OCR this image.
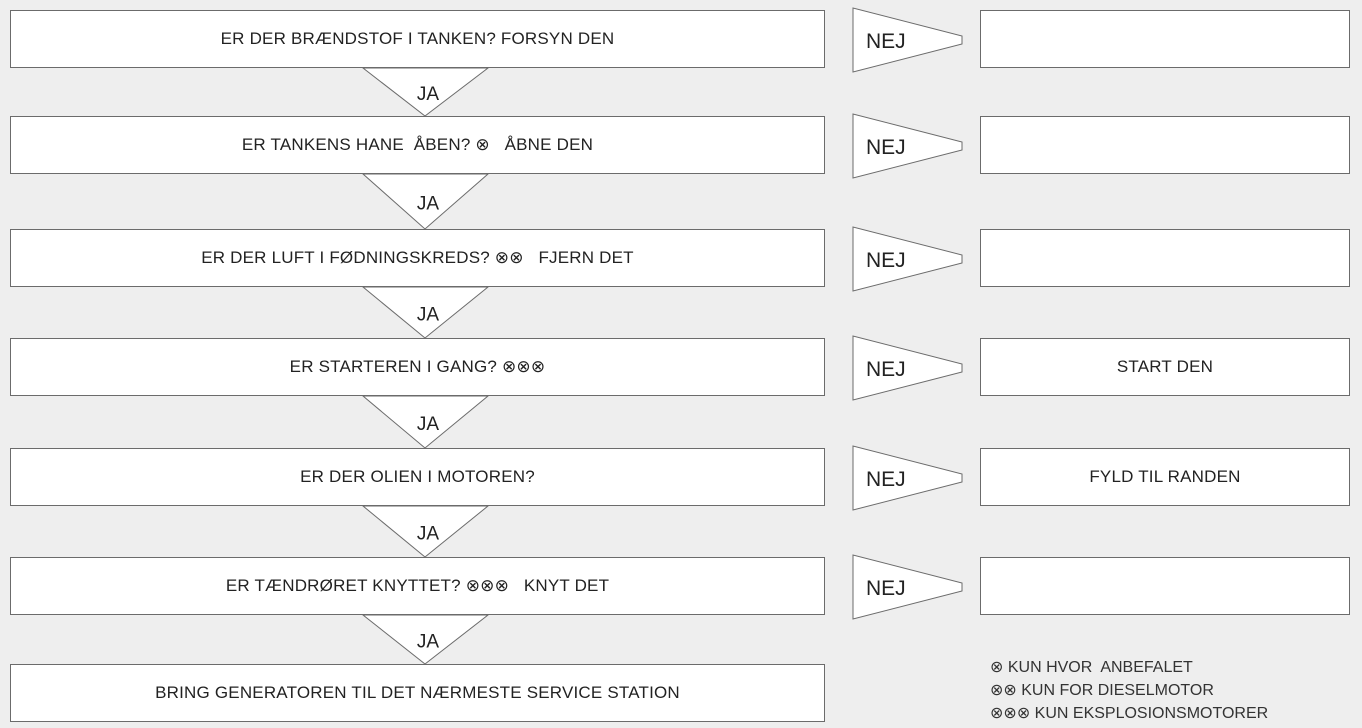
NEJ
JA
NEJ
JA
NEJ
JA
NEJ
JA
NEJ
JA
NEJ
JA
ER DER BRÆNDSTOF I TANKEN? FORSYN DEN
ER TANKENS HANE  ÅBEN? ⊗   ÅBNE DEN
ER DER LUFT I FØDNINGSKREDS? ⊗⊗   FJERN DET
ER STARTEREN I GANG? ⊗⊗⊗
ER DER OLIEN I MOTOREN?
ER TÆNDRØRET KNYTTET? ⊗⊗⊗   KNYT DET
BRING GENERATOREN TIL DET NÆRMESTE SERVICE STATION
START DEN
FYLD TIL RANDEN
⊗ KUN HVOR  ANBEFALET
⊗⊗ KUN FOR DIESELMOTOR
⊗⊗⊗ KUN EKSPLOSIONSMOTORER
